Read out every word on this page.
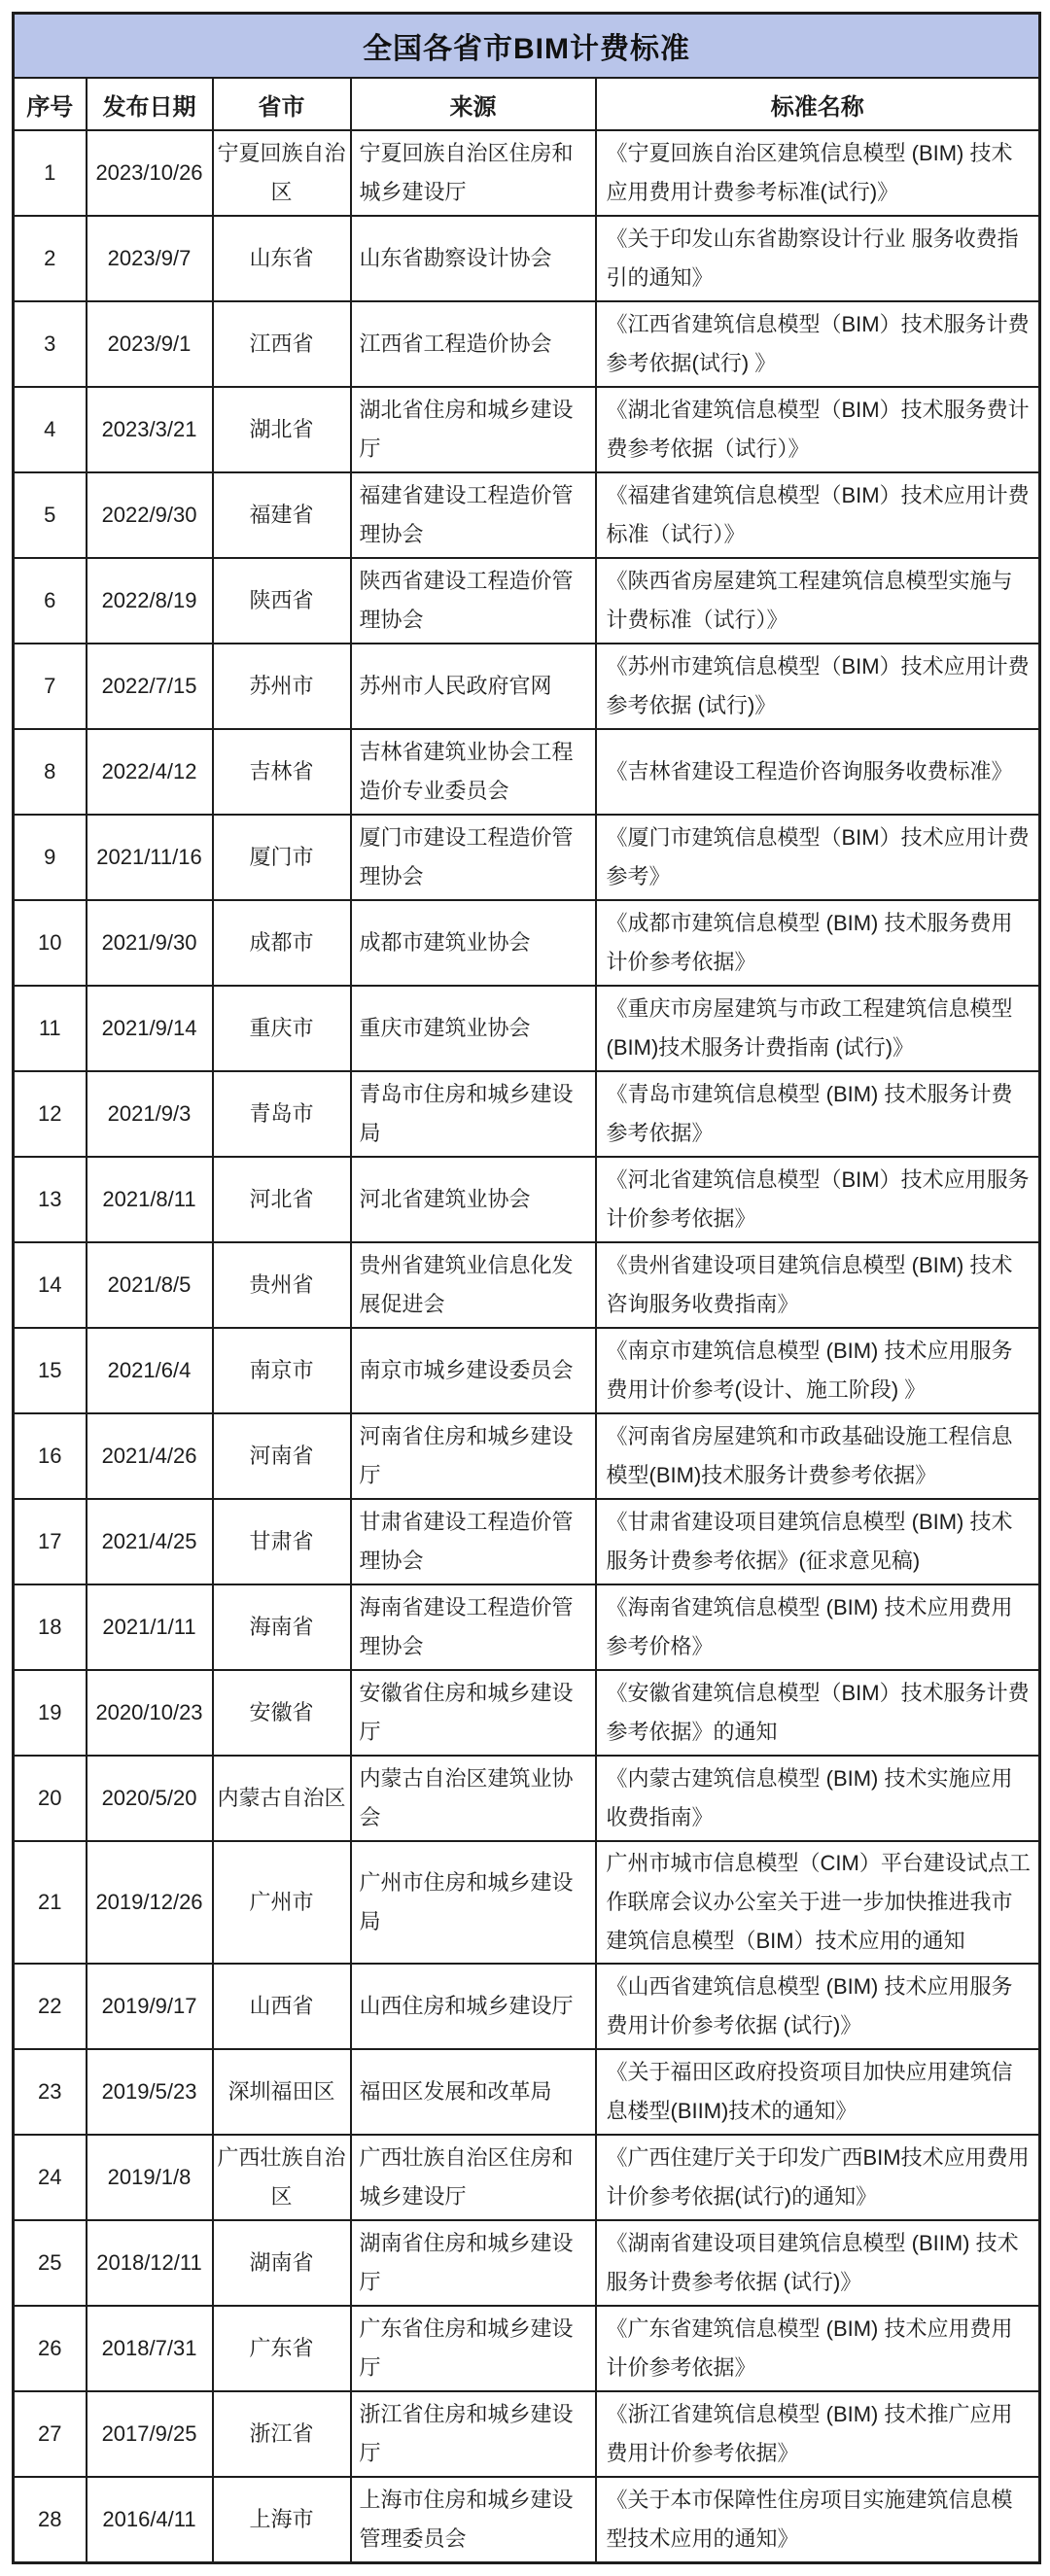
全国各省市BIM计费标准				
序号	发布日期	省市	来源	标准名称
1	2023/10/26	宁夏回族自治区	宁夏回族自治区住房和城乡建设厅	《宁夏回族自治区建筑信息模型 (BIM) 技术应用费用计费参考标准(试行)》
2	2023/9/7	山东省	山东省勘察设计协会	《关于印发山东省勘察设计行业 服务收费指引的通知》
3	2023/9/1	江西省	江西省工程造价协会	《江西省建筑信息模型（BIM）技术服务计费参考依据(试行) 》
4	2023/3/21	湖北省	湖北省住房和城乡建设厅	《湖北省建筑信息模型（BIM）技术服务费计费参考依据（试行）》
5	2022/9/30	福建省	福建省建设工程造价管理协会	《福建省建筑信息模型（BIM）技术应用计费标准（试行）》
6	2022/8/19	陕西省	陕西省建设工程造价管理协会	《陕西省房屋建筑工程建筑信息模型实施与计费标准（试行）》
7	2022/7/15	苏州市	苏州市人民政府官网	《苏州市建筑信息模型（BIM）技术应用计费参考依据 (试行)》
8	2022/4/12	吉林省	吉林省建筑业协会工程造价专业委员会	《吉林省建设工程造价咨询服务收费标准》
9	2021/11/16	厦门市	厦门市建设工程造价管理协会	《厦门市建筑信息模型（BIM）技术应用计费参考》
10	2021/9/30	成都市	成都市建筑业协会	《成都市建筑信息模型 (BIM) 技术服务费用计价参考依据》
11	2021/9/14	重庆市	重庆市建筑业协会	《重庆市房屋建筑与市政工程建筑信息模型(BIM)技术服务计费指南 (试行)》
12	2021/9/3	青岛市	青岛市住房和城乡建设局	《青岛市建筑信息模型 (BIM) 技术服务计费参考依据》
13	2021/8/11	河北省	河北省建筑业协会	《河北省建筑信息模型（BIM）技术应用服务计价参考依据》
14	2021/8/5	贵州省	贵州省建筑业信息化发展促进会	《贵州省建设项目建筑信息模型 (BIM) 技术咨询服务收费指南》
15	2021/6/4	南京市	南京市城乡建设委员会	《南京市建筑信息模型 (BIM) 技术应用服务费用计价参考(设计、施工阶段) 》
16	2021/4/26	河南省	河南省住房和城乡建设厅	《河南省房屋建筑和市政基础设施工程信息模型(BIM)技术服务计费参考依据》
17	2021/4/25	甘肃省	甘肃省建设工程造价管理协会	《甘肃省建设项目建筑信息模型 (BIM) 技术服务计费参考依据》(征求意见稿)
18	2021/1/11	海南省	海南省建设工程造价管理协会	《海南省建筑信息模型 (BIM) 技术应用费用参考价格》
19	2020/10/23	安徽省	安徽省住房和城乡建设厅	《安徽省建筑信息模型（BIM）技术服务计费参考依据》的通知
20	2020/5/20	内蒙古自治区	内蒙古自治区建筑业协会	《内蒙古建筑信息模型 (BIM) 技术实施应用收费指南》
21	2019/12/26	广州市	广州市住房和城乡建设局	广州市城市信息模型（CIM）平台建设试点工作联席会议办公室关于进一步加快推进我市建筑信息模型（BIM）技术应用的通知
22	2019/9/17	山西省	山西住房和城乡建设厅	《山西省建筑信息模型 (BIM) 技术应用服务费用计价参考依据 (试行)》
23	2019/5/23	深圳福田区	福田区发展和改革局	《关于福田区政府投资项目加快应用建筑信息楼型(BIIM)技术的通知》
24	2019/1/8	广西壮族自治区	广西壮族自治区住房和城乡建设厅	《广西住建厅关于印发广西BIM技术应用费用计价参考依据(试行)的通知》
25	2018/12/11	湖南省	湖南省住房和城乡建设厅	《湖南省建设项目建筑信息模型 (BIIM) 技术服务计费参考依据 (试行)》
26	2018/7/31	广东省	广东省住房和城乡建设厅	《广东省建筑信息模型 (BIM) 技术应用费用计价参考依据》
27	2017/9/25	浙江省	浙江省住房和城乡建设厅	《浙江省建筑信息模型 (BIM) 技术推广应用费用计价参考依据》
28	2016/4/11	上海市	上海市住房和城乡建设管理委员会	《关于本市保障性住房项目实施建筑信息模型技术应用的通知》
